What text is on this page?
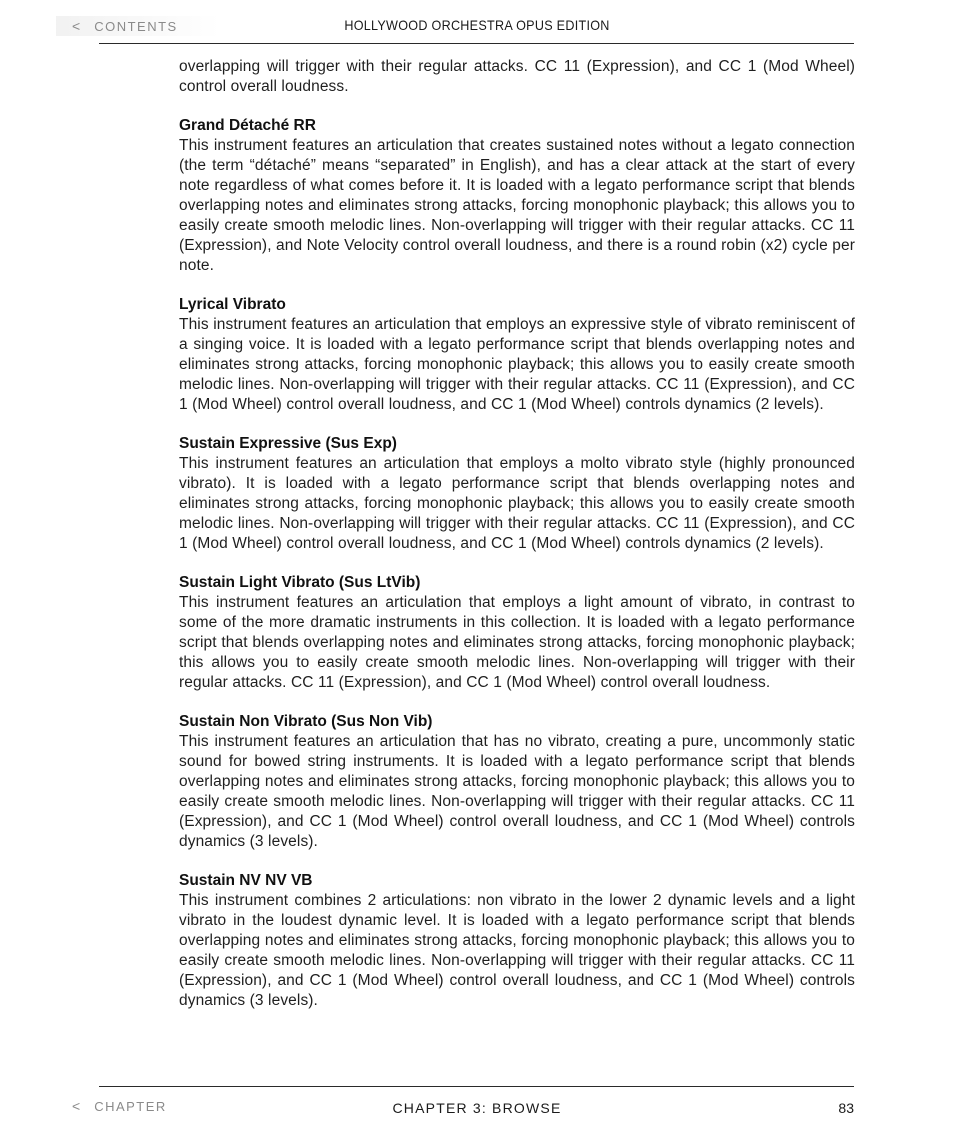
< CONTENTS	HOLLYWOOD ORCHESTRA OPUS EDITION

overlapping will trigger with their regular attacks. CC 11 (Expression), and CC 1 (Mod Wheel) control overall loudness.

Grand Détaché RR

This instrument features an articulation that creates sustained notes without a legato connection (the term “détaché” means “separated” in English), and has a clear attack at the start of every note regardless of what comes before it. It is loaded with a legato performance script that blends overlapping notes and eliminates strong attacks, forcing monophonic playback; this allows you to easily create smooth melodic lines. Non-overlapping will trigger with their regular attacks. CC 11 (Expression), and Note Velocity control overall loudness, and there is a round robin (x2) cycle per note.

Lyrical Vibrato

This instrument features an articulation that employs an expressive style of vibrato reminiscent of a singing voice. It is loaded with a legato performance script that blends overlapping notes and eliminates strong attacks, forcing monophonic playback; this allows you to easily create smooth melodic lines. Non-overlapping will trigger with their regular attacks. CC 11 (Expression), and CC 1 (Mod Wheel) control overall loudness, and CC 1 (Mod Wheel) controls dynamics (2 levels).

Sustain Expressive (Sus Exp)

This instrument features an articulation that employs a molto vibrato style (highly pronounced vibrato). It is loaded with a legato performance script that blends overlapping notes and eliminates strong attacks, forcing monophonic playback; this allows you to easily create smooth melodic lines. Non-overlapping will trigger with their regular attacks. CC 11 (Expression), and CC 1 (Mod Wheel) control overall loudness, and CC 1 (Mod Wheel) controls dynamics (2 levels).

Sustain Light Vibrato (Sus LtVib)

This instrument features an articulation that employs a light amount of vibrato, in contrast to some of the more dramatic instruments in this collection. It is loaded with a legato performance script that blends overlapping notes and eliminates strong attacks, forcing monophonic playback; this allows you to easily create smooth melodic lines. Non-overlapping will trigger with their regular attacks. CC 11 (Expression), and CC 1 (Mod Wheel) control overall loudness.

Sustain Non Vibrato (Sus Non Vib)

This instrument features an articulation that has no vibrato, creating a pure, uncommonly static sound for bowed string instruments. It is loaded with a legato performance script that blends overlapping notes and eliminates strong attacks, forcing monophonic playback; this allows you to easily create smooth melodic lines. Non-overlapping will trigger with their regular attacks. CC 11 (Expression), and CC 1 (Mod Wheel) control overall loudness, and CC 1 (Mod Wheel) controls dynamics (3 levels).

Sustain NV NV VB

This instrument combines 2 articulations: non vibrato in the lower 2 dynamic levels and a light vibrato in the loudest dynamic level. It is loaded with a legato performance script that blends overlapping notes and eliminates strong attacks, forcing monophonic playback; this allows you to easily create smooth melodic lines. Non-overlapping will trigger with their regular attacks. CC 11 (Expression), and CC 1 (Mod Wheel) control overall loudness, and CC 1 (Mod Wheel) controls dynamics (3 levels).

< CHAPTER	CHAPTER 3: BROWSE	83
